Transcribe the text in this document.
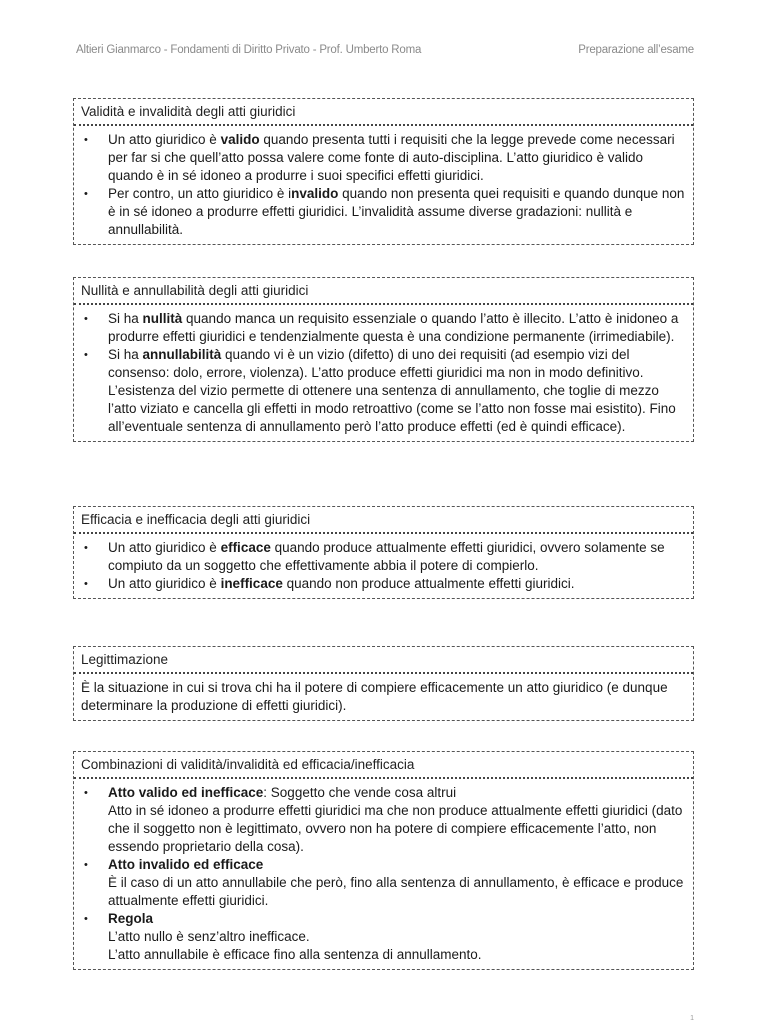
Altieri Gianmarco - Fondamenti di Diritto Privato - Prof. Umberto Roma	Preparazione all’esame
Validità e invalidità degli atti giuridici
• Un atto giuridico è valido quando presenta tutti i requisiti che la legge prevede come necessari per far si che quell’atto possa valere come fonte di auto-disciplina. L’atto giuridico è valido quando è in sé idoneo a produrre i suoi specifici effetti giuridici.
• Per contro, un atto giuridico è invalido quando non presenta quei requisiti e quando dunque non è in sé idoneo a produrre effetti giuridici. L’invalidità assume diverse gradazioni: nullità e annullabilità.
Nullità e annullabilità degli atti giuridici
• Si ha nullità quando manca un requisito essenziale o quando l’atto è illecito. L’atto è inidoneo a produrre effetti giuridici e tendenzialmente questa è una condizione permanente (irrimediabile).
• Si ha annullabilità quando vi è un vizio (difetto) di uno dei requisiti (ad esempio vizi del consenso: dolo, errore, violenza). L’atto produce effetti giuridici ma non in modo definitivo. L’esistenza del vizio permette di ottenere una sentenza di annullamento, che toglie di mezzo l’atto viziato e cancella gli effetti in modo retroattivo (come se l’atto non fosse mai esistito). Fino all’eventuale sentenza di annullamento però l’atto produce effetti (ed è quindi efficace).
Efficacia e inefficacia degli atti giuridici
• Un atto giuridico è efficace quando produce attualmente effetti giuridici, ovvero solamente se compiuto da un soggetto che effettivamente abbia il potere di compierlo.
• Un atto giuridico è inefficace quando non produce attualmente effetti giuridici.
Legittimazione
È la situazione in cui si trova chi ha il potere di compiere efficacemente un atto giuridico (e dunque determinare la produzione di effetti giuridici).
Combinazioni di validità/invalidità ed efficacia/inefficacia
• Atto valido ed inefficace: Soggetto che vende cosa altrui
Atto in sé idoneo a produrre effetti giuridici ma che non produce attualmente effetti giuridici (dato che il soggetto non è legittimato, ovvero non ha potere di compiere efficacemente l’atto, non essendo proprietario della cosa).
• Atto invalido ed efficace
È il caso di un atto annullabile che però, fino alla sentenza di annullamento, è efficace e produce attualmente effetti giuridici.
• Regola
L’atto nullo è senz’altro inefficace.
L’atto annullabile è efficace fino alla sentenza di annullamento.
1
